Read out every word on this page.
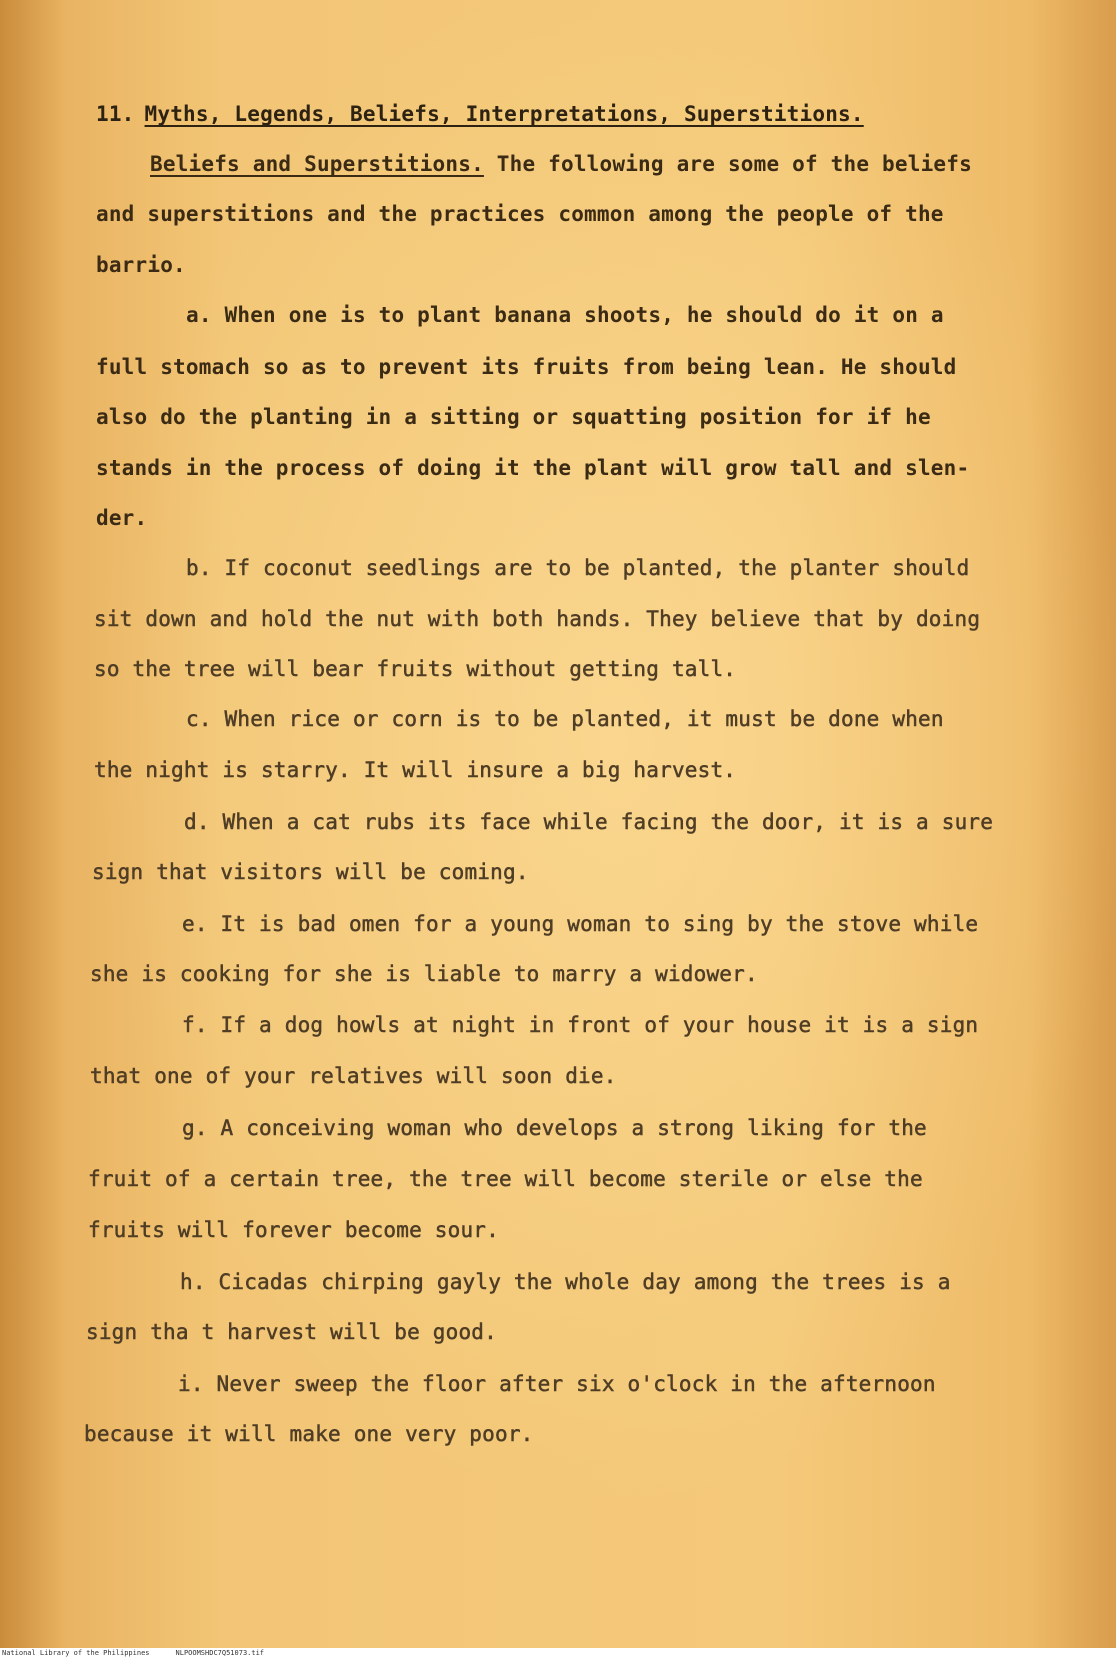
11. Myths, Legends, Beliefs, Interpretations, Superstitions.
Beliefs and Superstitions. The following are some of the beliefs
and superstitions and the practices common among the people of the
barrio.
a. When one is to plant banana shoots, he should do it on a
full stomach so as to prevent its fruits from being lean. He should
also do the planting in a sitting or squatting position for if he
stands in the process of doing it the plant will grow tall and slen-
der.
b. If coconut seedlings are to be planted, the planter should
sit down and hold the nut with both hands. They believe that by doing
so the tree will bear fruits without getting tall.
c. When rice or corn is to be planted, it must be done when
the night is starry. It will insure a big harvest.
d. When a cat rubs its face while facing the door, it is a sure
sign that visitors will be coming.
e. It is bad omen for a young woman to sing by the stove while
she is cooking for she is liable to marry a widower.
f. If a dog howls at night in front of your house it is a sign
that one of your relatives will soon die.
g. A conceiving woman who develops a strong liking for the
fruit of a certain tree, the tree will become sterile or else the
fruits will forever become sour.
h. Cicadas chirping gayly the whole day among the trees is a
sign tha t harvest will be good.
i. Never sweep the floor after six o'clock in the afternoon
because it will make one very poor.
National Library of the Philippines	NLPOOMSHDC7Q51073.tif
